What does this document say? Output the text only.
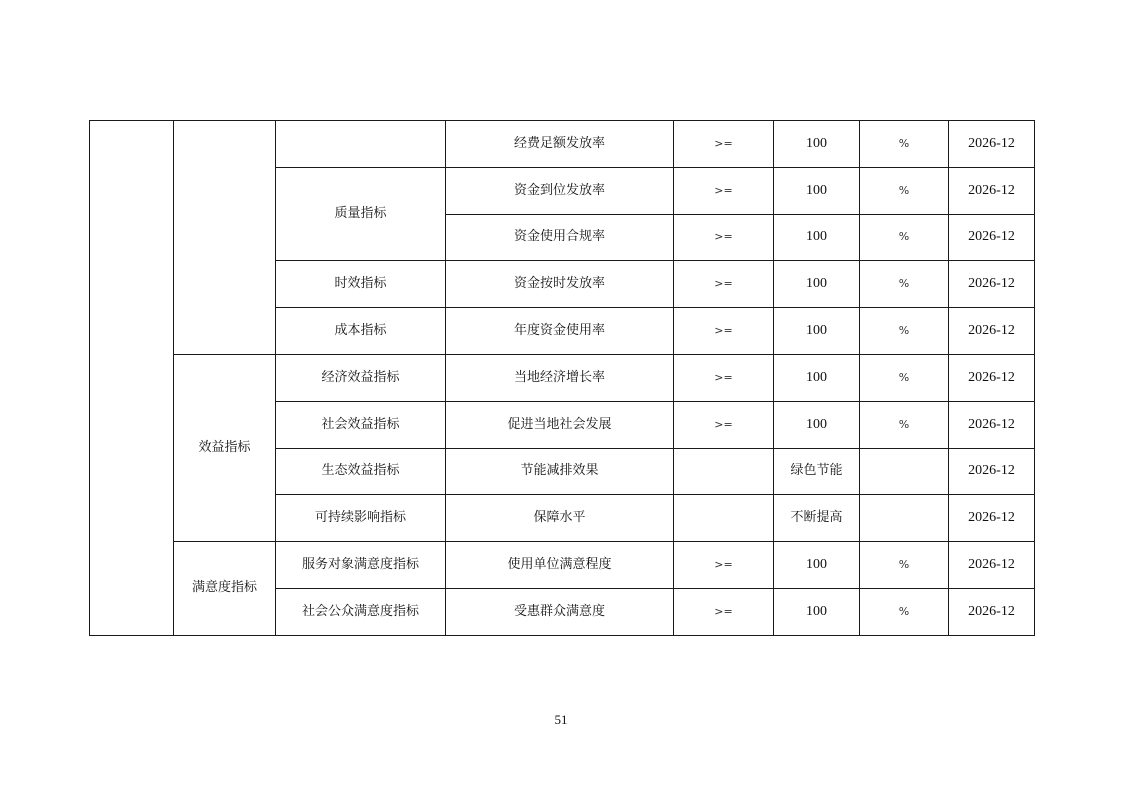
			经费足额发放率	>=	100	%	2026-12
		质量指标	资金到位发放率	>=	100	%	2026-12
			资金使用合规率	>=	100	%	2026-12
		时效指标	资金按时发放率	>=	100	%	2026-12
		成本指标	年度资金使用率	>=	100	%	2026-12
	效益指标	经济效益指标	当地经济增长率	>=	100	%	2026-12
		社会效益指标	促进当地社会发展	>=	100	%	2026-12
		生态效益指标	节能减排效果		绿色节能		2026-12
		可持续影响指标	保障水平		不断提高		2026-12
	满意度指标	服务对象满意度指标	使用单位满意程度	>=	100	%	2026-12
		社会公众满意度指标	受惠群众满意度	>=	100	%	2026-12
51
